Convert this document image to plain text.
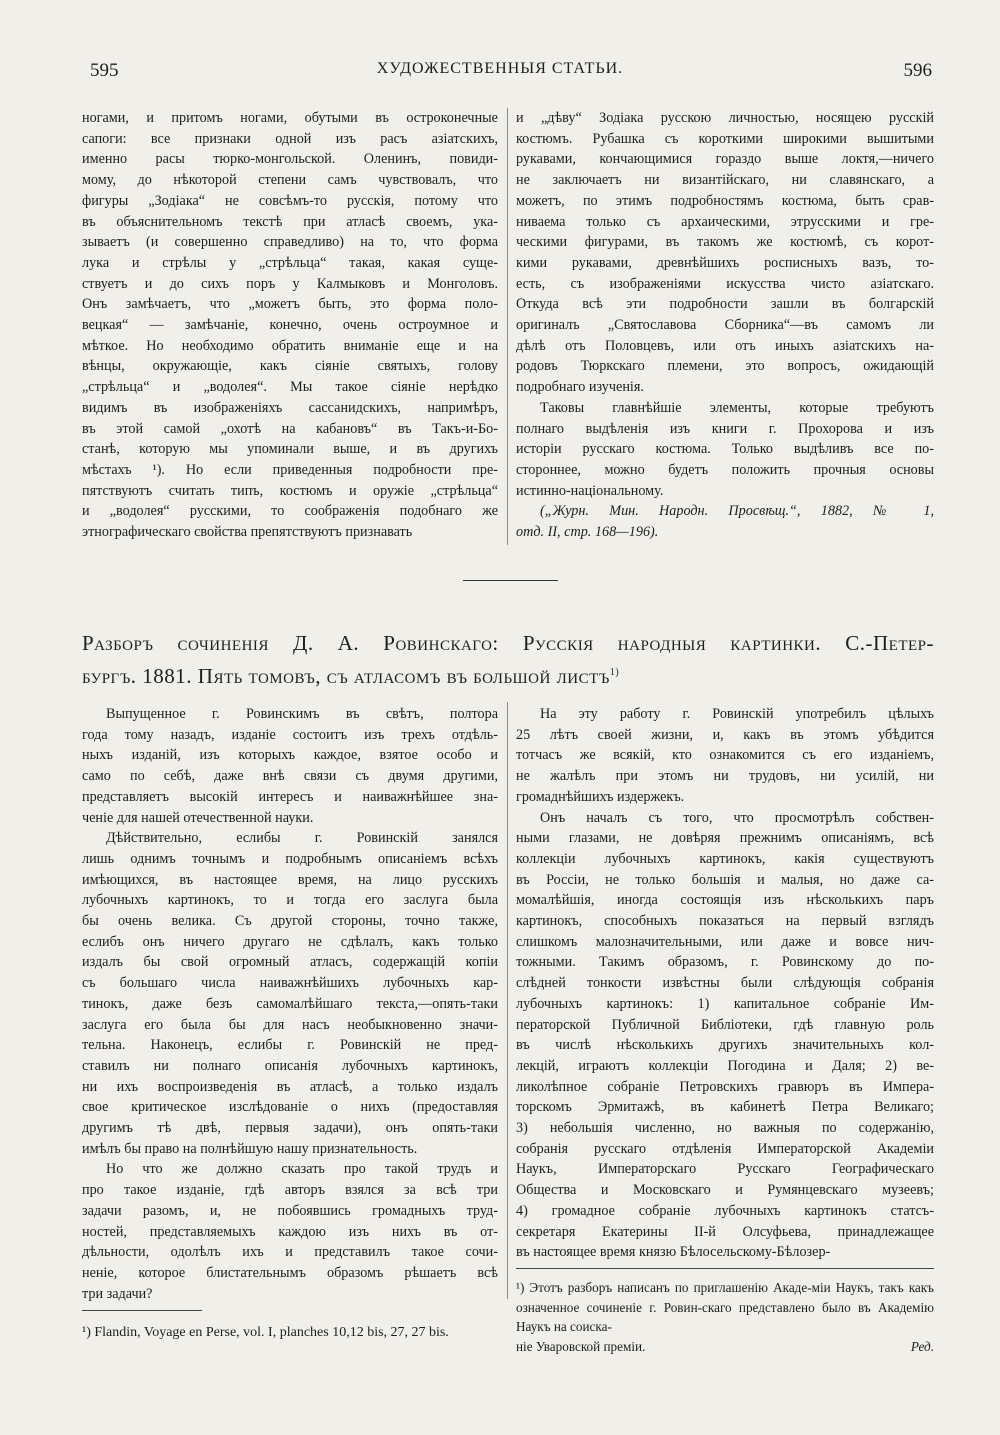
595	ХУДОЖЕСТВЕННЫЯ СТАТЬИ.	596
ногами, и притомъ ногами, обутыми въ остроконечные
сапоги: все признаки одной изъ расъ азіатскихъ,
именно расы тюрко-монгольской. Оленинъ, повиди-
мому, до нѣкоторой степени самъ чувствовалъ, что
фигуры „Зодіака“ не совсѣмъ-то русскія, потому что
въ объяснительномъ текстѣ при атласѣ своемъ, ука-
зываетъ (и совершенно справедливо) на то, что форма
лука и стрѣлы у „стрѣльца“ такая, какая суще-
ствуетъ и до сихъ поръ у Калмыковъ и Монголовъ.
Онъ замѣчаетъ, что „можетъ быть, это форма поло-
вецкая“ — замѣчаніе, конечно, очень остроумное и
мѣткое. Но необходимо обратить вниманіе еще и на
вѣнцы, окружающіе, какъ сіяніе святыхъ, голову
„стрѣльца“ и „водолея“. Мы такое сіяніе нерѣдко
видимъ въ изображеніяхъ сассанидскихъ, напримѣръ,
въ этой самой „охотѣ на кабановъ“ въ Такъ-и-Бо-
станѣ, которую мы упоминали выше, и въ другихъ
мѣстахъ ¹). Но если приведенныя подробности пре-
пятствуютъ считать типъ, костюмъ и оружіе „стрѣльца“
и „водолея“ русскими, то соображенія подобнаго же
этнографическаго свойства препятствуютъ признавать
и „дѣву“ Зодіака русскою личностью, носящею русскій
костюмъ. Рубашка съ короткими широкими вышитыми
рукавами, кончающимися гораздо выше локтя,—ничего
не заключаетъ ни византійскаго, ни славянскаго, а
можетъ, по этимъ подробностямъ костюма, быть срав-
ниваема только съ архаическими, этрусскими и гре-
ческими фигурами, въ такомъ же костюмѣ, съ корот-
кими рукавами, древнѣйшихъ росписныхъ вазъ, то-
есть, съ изображеніями искусства чисто азіатскаго.
Откуда всѣ эти подробности зашли въ болгарскій
оригиналъ „Святославова Сборника“—въ самомъ ли
дѣлѣ отъ Половцевъ, или отъ иныхъ азіатскихъ на-
родовъ Тюркскаго племени, это вопросъ, ожидающій
подробнаго изученія.
Таковы главнѣйшіе элементы, которые требуютъ
полнаго выдѣленія изъ книги г. Прохорова и изъ
исторіи русскаго костюма. Только выдѣливъ все по-
стороннее, можно будетъ положить прочныя основы
истинно-національному.
(„Журн. Мин. Народн. Просвѣщ.“, 1882, № 1,
отд. II, стр. 168—196).
Разборъ сочиненія Д. А. Ровинскаго: Русскія народныя картинки. С.-Петер-
бургъ. 1881. Пять томовъ, съ атласомъ въ большой листъ$^{1)}$
Выпущенное г. Ровинскимъ въ свѣтъ, полтора
года тому назадъ, изданіе состоитъ изъ трехъ отдѣль-
ныхъ изданій, изъ которыхъ каждое, взятое особо и
само по себѣ, даже внѣ связи съ двумя другими,
представляетъ высокій интересъ и наиважнѣйшее зна-
ченіе для нашей отечественной науки.
Дѣйствительно, еслибы г. Ровинскій занялся
лишь однимъ точнымъ и подробнымъ описаніемъ всѣхъ
имѣющихся, въ настоящее время, на лицо русскихъ
лубочныхъ картинокъ, то и тогда его заслуга была
бы очень велика. Съ другой стороны, точно также,
еслибъ онъ ничего другаго не сдѣлалъ, какъ только
издалъ бы свой огромный атласъ, содержащій копіи
съ большаго числа наиважнѣйшихъ лубочныхъ кар-
тинокъ, даже безъ самомалѣйшаго текста,—опять-таки
заслуга его была бы для насъ необыкновенно значи-
тельна. Наконецъ, еслибы г. Ровинскій не пред-
ставилъ ни полнаго описанія лубочныхъ картинокъ,
ни ихъ воспроизведенія въ атласѣ, а только издалъ
свое критическое изслѣдованіе о нихъ (предоставляя
другимъ тѣ двѣ, первыя задачи), онъ опять-таки
имѣлъ бы право на полнѣйшую нашу признательность.
Но что же должно сказать про такой трудъ и
про такое изданіе, гдѣ авторъ взялся за всѣ три
задачи разомъ, и, не побоявшись громадныхъ труд-
ностей, представляемыхъ каждою изъ нихъ въ от-
дѣльности, одолѣлъ ихъ и представилъ такое сочи-
неніе, которое блистательнымъ образомъ рѣшаетъ всѣ
три задачи?
На эту работу г. Ровинскій употребилъ цѣлыхъ
25 лѣтъ своей жизни, и, какъ въ этомъ убѣдится
тотчасъ же всякій, кто ознакомится съ его изданіемъ,
не жалѣлъ при этомъ ни трудовъ, ни усилій, ни
громаднѣйшихъ издержекъ.
Онъ началъ съ того, что просмотрѣлъ собствен-
ными глазами, не довѣряя прежнимъ описаніямъ, всѣ
коллекціи лубочныхъ картинокъ, какія существуютъ
въ Россіи, не только большія и малыя, но даже са-
момалѣйшія, иногда состоящія изъ нѣсколькихъ паръ
картинокъ, способныхъ показаться на первый взглядъ
слишкомъ малозначительными, или даже и вовсе нич-
тожными. Такимъ образомъ, г. Ровинскому до по-
слѣдней тонкости извѣстны были слѣдующія собранія
лубочныхъ картинокъ: 1) капитальное собраніе Им-
ператорской Публичной Библіотеки, гдѣ главную роль
въ числѣ нѣсколькихъ другихъ значительныхъ кол-
лекцій, играютъ коллекціи Погодина и Даля; 2) ве-
ликолѣпное собраніе Петровскихъ гравюръ въ Импера-
торскомъ Эрмитажѣ, въ кабинетѣ Петра Великаго;
3) небольшія численно, но важныя по содержанію,
собранія русскаго отдѣленія Императорской Академіи
Наукъ, Императорскаго Русскаго Географическаго
Общества и Московскаго и Румянцевскаго музеевъ;
4) громадное собраніе лубочныхъ картинокъ статсъ-
секретаря Екатерины II-й Олсуфьева, принадлежащее
въ настоящее время князю Бѣлосельскому-Бѣлозер-
¹) Flandin, Voyage en Perse, vol. I, planches 10,12 bis, 27, 27 bis.
¹) Этотъ разборъ написанъ по приглашенію Акаде-міи Наукъ, такъ какъ означенное сочиненіе г. Ровин-скаго представлено было въ Академію Наукъ на соиска-
ніе Уваровской преміи.	Ред.
